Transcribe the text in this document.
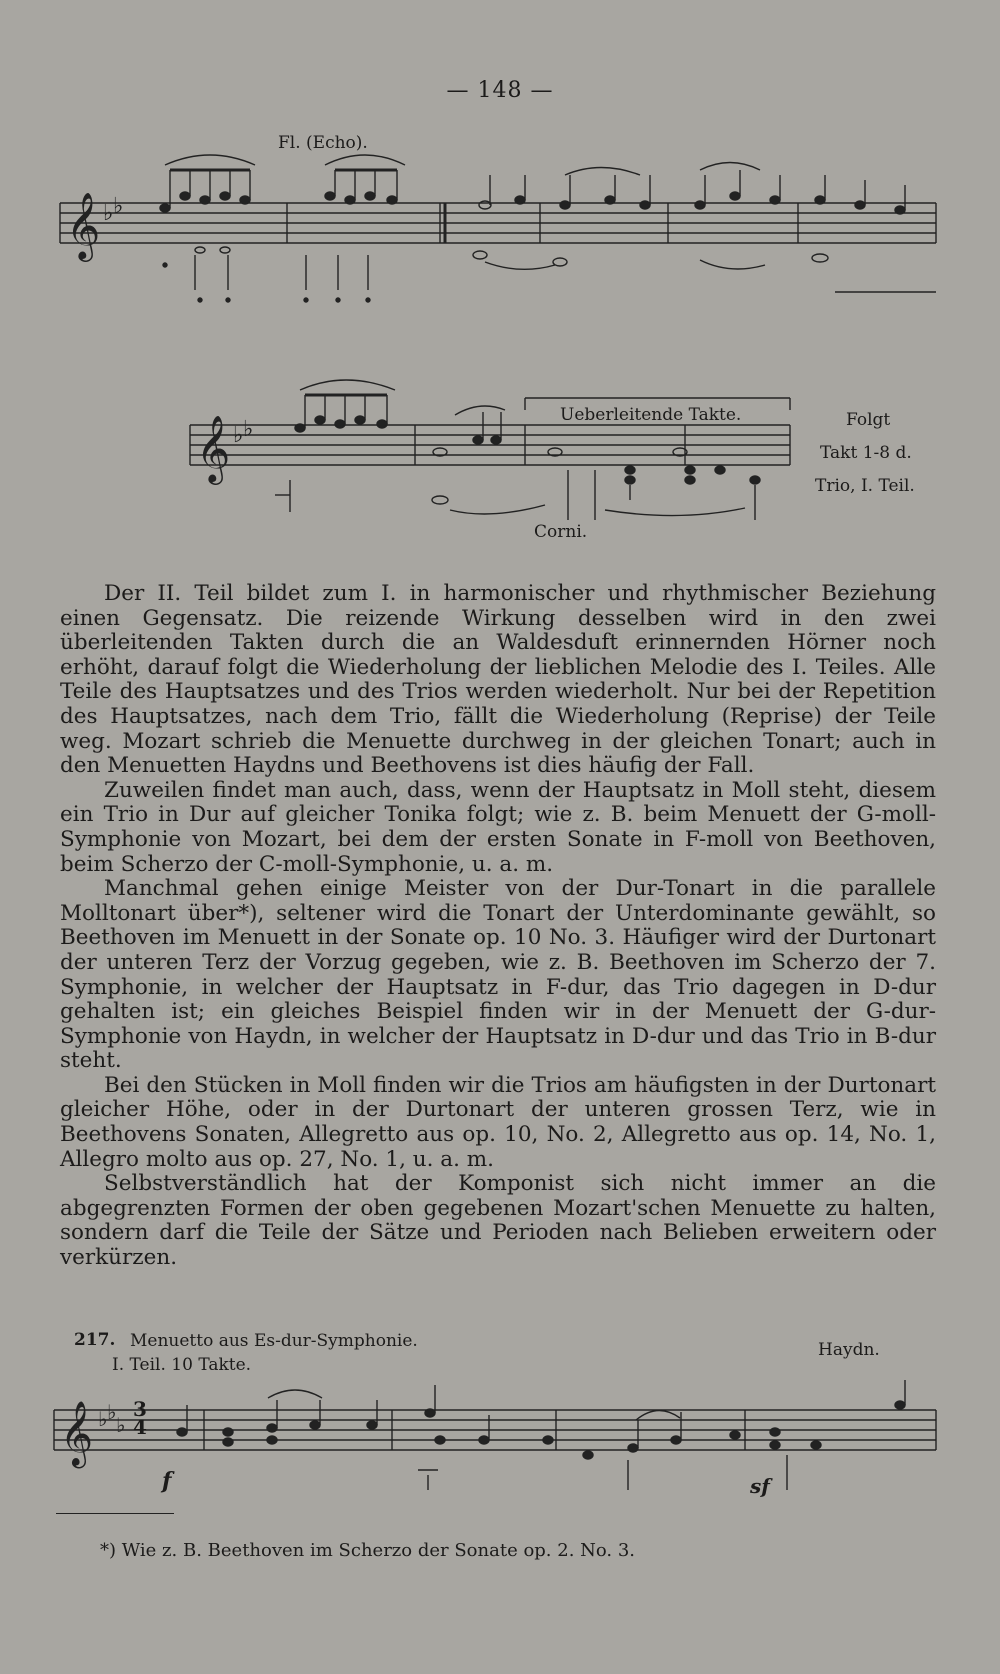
— 148 —
Fl. (Echo).
𝄞 ♭ ♭
𝄞 ♭ ♭
Ueberleitende Takte.
Corni.
Folgt
Takt 1-8 d.
Trio, I. Teil.

Der II. Teil bildet zum I. in harmonischer und rhythmischer Beziehung einen Gegensatz. Die reizende Wirkung desselben wird in den zwei überleitenden Takten durch die an Waldesduft erinnernden Hörner noch erhöht, darauf folgt die Wiederholung der lieblichen Melodie des I. Teiles. Alle Teile des Hauptsatzes und des Trios werden wiederholt. Nur bei der Repetition des Hauptsatzes, nach dem Trio, fällt die Wiederholung (Reprise) der Teile weg. Mozart schrieb die Menuette durchweg in der gleichen Tonart; auch in den Menuetten Haydns und Beethovens ist dies häufig der Fall.

Zuweilen findet man auch, dass, wenn der Hauptsatz in Moll steht, diesem ein Trio in Dur auf gleicher Tonika folgt; wie z. B. beim Menuett der G-moll-Symphonie von Mozart, bei dem der ersten Sonate in F-moll von Beethoven, beim Scherzo der C-moll-Symphonie, u. a. m.

Manchmal gehen einige Meister von der Dur-Tonart in die parallele Molltonart über*), seltener wird die Tonart der Unterdominante gewählt, so Beethoven im Menuett in der Sonate op. 10 No. 3. Häufiger wird der Durtonart der unteren Terz der Vorzug gegeben, wie z. B. Beethoven im Scherzo der 7. Symphonie, in welcher der Hauptsatz in F-dur, das Trio dagegen in D-dur gehalten ist; ein gleiches Beispiel finden wir in der Menuett der G-dur-Symphonie von Haydn, in welcher der Hauptsatz in D-dur und das Trio in B-dur steht.

Bei den Stücken in Moll finden wir die Trios am häufigsten in der Durtonart gleicher Höhe, oder in der Durtonart der unteren grossen Terz, wie in Beethovens Sonaten, Allegretto aus op. 10, No. 2, Allegretto aus op. 14, No. 1, Allegro molto aus op. 27, No. 1, u. a. m.

Selbstverständlich hat der Komponist sich nicht immer an die abgegrenzten Formen der oben gegebenen Mozart'schen Menuette zu halten, sondern darf die Teile der Sätze und Perioden nach Belieben erweitern oder verkürzen.

217. Menuetto aus Es-dur-Symphonie.
I. Teil. 10 Takte.
Haydn.
𝄞 ♭ ♭
♭
3
4
f	sf
*) Wie z. B. Beethoven im Scherzo der Sonate op. 2. No. 3.
